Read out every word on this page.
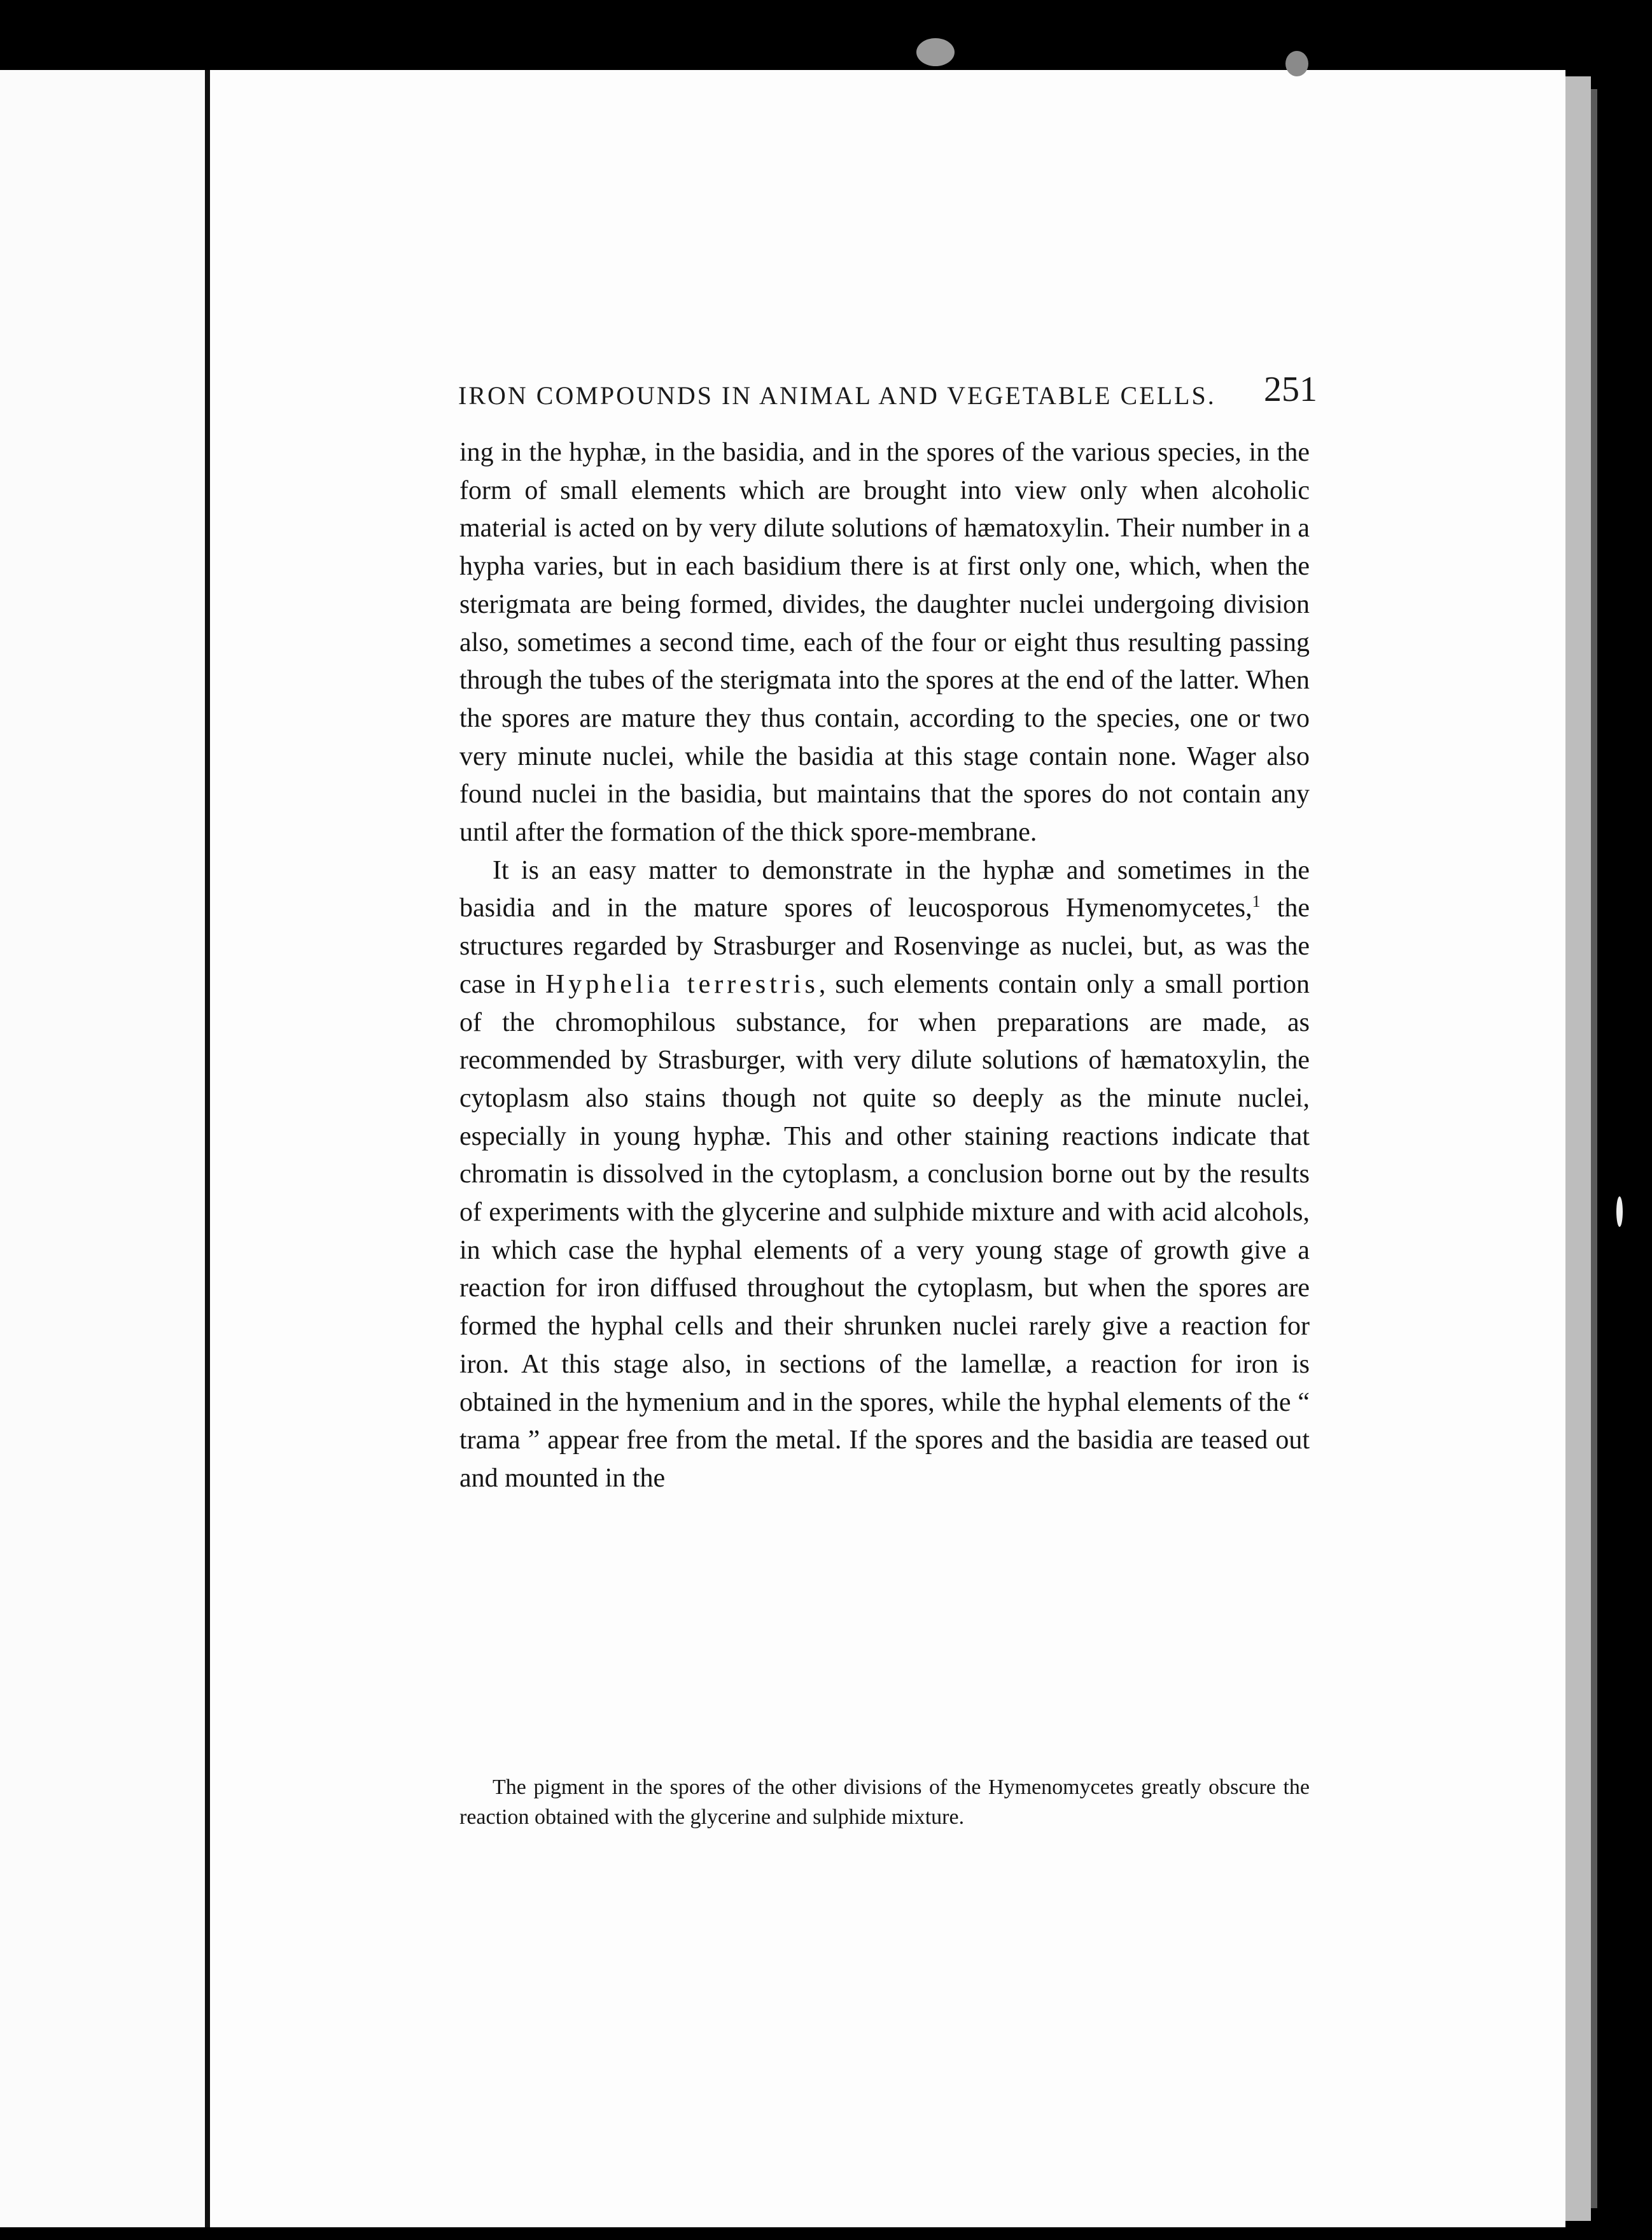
IRON COMPOUNDS IN ANIMAL AND VEGETABLE CELLS. 251

ing in the hyphæ, in the basidia, and in the spores of the various species, in the form of small elements which are brought into view only when alcoholic material is acted on by very dilute solutions of hæmatoxylin. Their number in a hypha varies, but in each basidium there is at first only one, which, when the sterigmata are being formed, divides, the daughter nuclei undergoing division also, sometimes a second time, each of the four or eight thus resulting passing through the tubes of the sterigmata into the spores at the end of the latter. When the spores are mature they thus contain, according to the species, one or two very minute nuclei, while the basidia at this stage contain none. Wager also found nuclei in the basidia, but maintains that the spores do not contain any until after the formation of the thick spore-membrane.

It is an easy matter to demonstrate in the hyphæ and sometimes in the basidia and in the mature spores of leucosporous Hymenomycetes,$^1$ the structures regarded by Strasburger and Rosenvinge as nuclei, but, as was the case in Hyphelia terrestris, such elements contain only a small portion of the chromophilous substance, for when preparations are made, as recommended by Strasburger, with very dilute solutions of hæmatoxylin, the cytoplasm also stains though not quite so deeply as the minute nuclei, especially in young hyphæ. This and other staining reactions indicate that chromatin is dissolved in the cytoplasm, a conclusion borne out by the results of experiments with the glycerine and sulphide mixture and with acid alcohols, in which case the hyphal elements of a very young stage of growth give a reaction for iron diffused throughout the cytoplasm, but when the spores are formed the hyphal cells and their shrunken nuclei rarely give a reaction for iron. At this stage also, in sections of the lamellæ, a reaction for iron is obtained in the hymenium and in the spores, while the hyphal elements of the “ trama ” appear free from the metal. If the spores and the basidia are teased out and mounted in the

The pigment in the spores of the other divisions of the Hymenomycetes greatly obscure the reaction obtained with the glycerine and sulphide mixture.
